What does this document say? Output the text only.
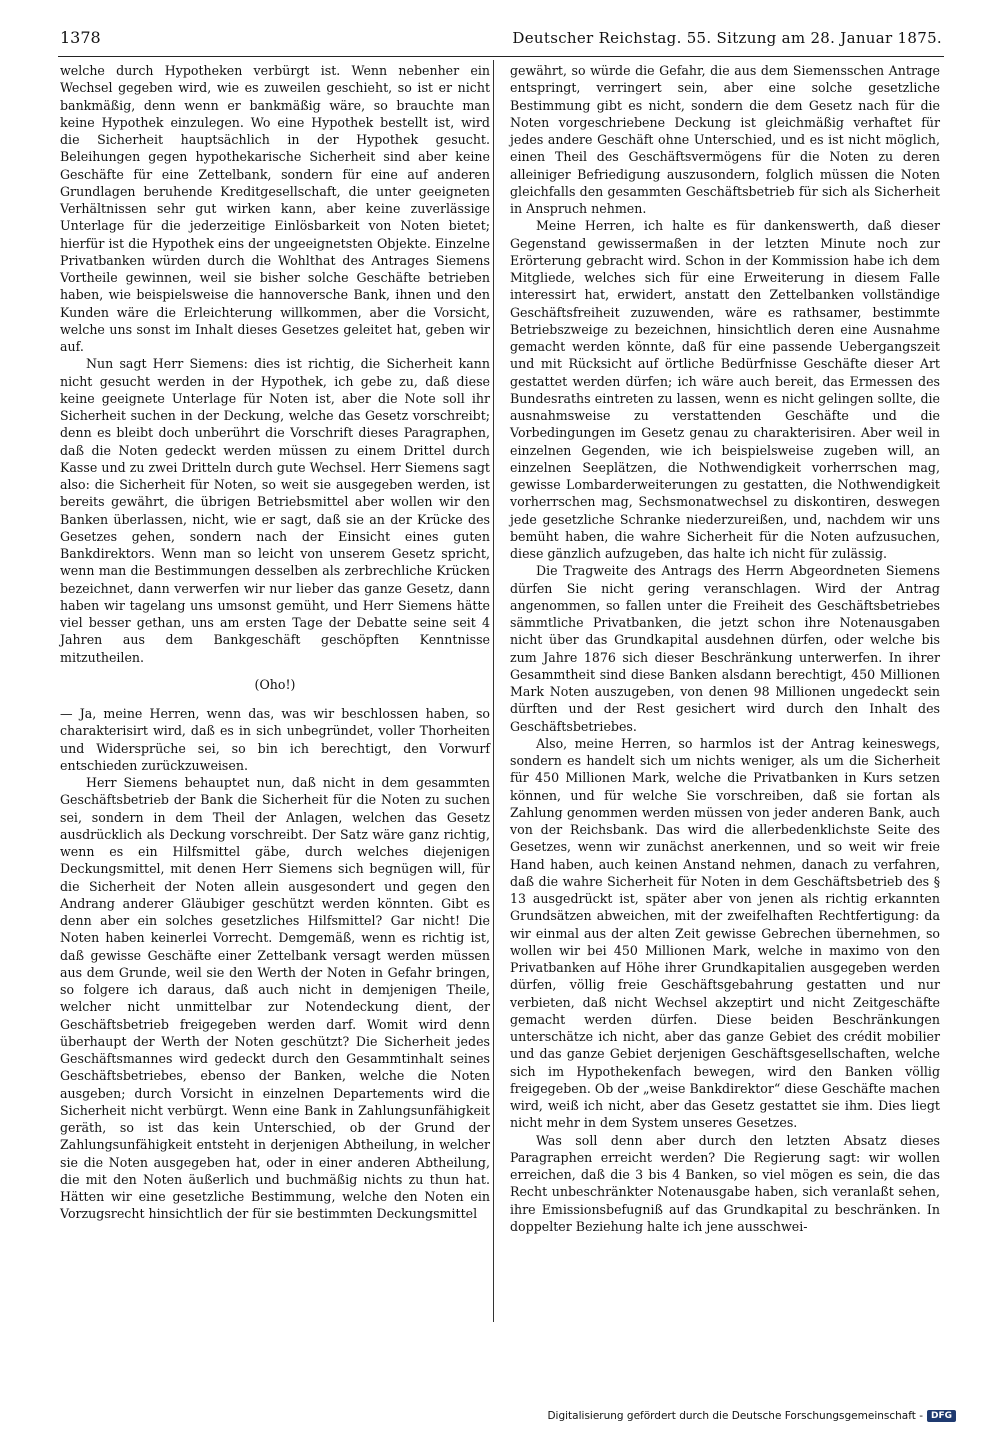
1378	Deutscher Reichstag. 55. Sitzung am 28. Januar 1875.

welche durch Hypotheken verbürgt ist. Wenn nebenher ein Wechsel gegeben wird, wie es zuweilen geschieht, so ist er nicht bankmäßig, denn wenn er bankmäßig wäre, so brauchte man keine Hypothek einzulegen. Wo eine Hypothek bestellt ist, wird die Sicherheit hauptsächlich in der Hypothek gesucht. Beleihungen gegen hypothekarische Sicherheit sind aber keine Geschäfte für eine Zettelbank, sondern für eine auf anderen Grundlagen beruhende Kreditgesellschaft, die unter geeigneten Verhältnissen sehr gut wirken kann, aber keine zuverlässige Unterlage für die jederzeitige Einlösbarkeit von Noten bietet; hierfür ist die Hypothek eins der ungeeignetsten Objekte. Einzelne Privatbanken würden durch die Wohlthat des Antrages Siemens Vortheile gewinnen, weil sie bisher solche Geschäfte betrieben haben, wie beispielsweise die hannoversche Bank, ihnen und den Kunden wäre die Erleichterung willkommen, aber die Vorsicht, welche uns sonst im Inhalt dieses Gesetzes geleitet hat, geben wir auf.

Nun sagt Herr Siemens: dies ist richtig, die Sicherheit kann nicht gesucht werden in der Hypothek, ich gebe zu, daß diese keine geeignete Unterlage für Noten ist, aber die Note soll ihr Sicherheit suchen in der Deckung, welche das Gesetz vorschreibt; denn es bleibt doch unberührt die Vorschrift dieses Paragraphen, daß die Noten gedeckt werden müssen zu einem Drittel durch Kasse und zu zwei Dritteln durch gute Wechsel. Herr Siemens sagt also: die Sicherheit für Noten, so weit sie ausgegeben werden, ist bereits gewährt, die übrigen Betriebsmittel aber wollen wir den Banken überlassen, nicht, wie er sagt, daß sie an der Krücke des Gesetzes gehen, sondern nach der Einsicht eines guten Bankdirektors. Wenn man so leicht von unserem Gesetz spricht, wenn man die Bestimmungen desselben als zerbrechliche Krücken bezeichnet, dann verwerfen wir nur lieber das ganze Gesetz, dann haben wir tagelang uns umsonst gemüht, und Herr Siemens hätte viel besser gethan, uns am ersten Tage der Debatte seine seit 4 Jahren aus dem Bankgeschäft geschöpften Kenntnisse mitzutheilen.

(Oho!)

— Ja, meine Herren, wenn das, was wir beschlossen haben, so charakterisirt wird, daß es in sich unbegründet, voller Thorheiten und Widersprüche sei, so bin ich berechtigt, den Vorwurf entschieden zurückzuweisen.

Herr Siemens behauptet nun, daß nicht in dem gesammten Geschäftsbetrieb der Bank die Sicherheit für die Noten zu suchen sei, sondern in dem Theil der Anlagen, welchen das Gesetz ausdrücklich als Deckung vorschreibt. Der Satz wäre ganz richtig, wenn es ein Hilfsmittel gäbe, durch welches diejenigen Deckungsmittel, mit denen Herr Siemens sich begnügen will, für die Sicherheit der Noten allein ausgesondert und gegen den Andrang anderer Gläubiger geschützt werden könnten. Gibt es denn aber ein solches gesetzliches Hilfsmittel? Gar nicht! Die Noten haben keinerlei Vorrecht. Demgemäß, wenn es richtig ist, daß gewisse Geschäfte einer Zettelbank versagt werden müssen aus dem Grunde, weil sie den Werth der Noten in Gefahr bringen, so folgere ich daraus, daß auch nicht in demjenigen Theile, welcher nicht unmittelbar zur Notendeckung dient, der Geschäftsbetrieb freigegeben werden darf. Womit wird denn überhaupt der Werth der Noten geschützt? Die Sicherheit jedes Geschäftsmannes wird gedeckt durch den Gesammtinhalt seines Geschäftsbetriebes, ebenso der Banken, welche die Noten ausgeben; durch Vorsicht in einzelnen Departements wird die Sicherheit nicht verbürgt. Wenn eine Bank in Zahlungsunfähigkeit geräth, so ist das kein Unterschied, ob der Grund der Zahlungsunfähigkeit entsteht in derjenigen Abtheilung, in welcher sie die Noten ausgegeben hat, oder in einer anderen Abtheilung, die mit den Noten äußerlich und buchmäßig nichts zu thun hat. Hätten wir eine gesetzliche Bestimmung, welche den Noten ein Vorzugsrecht hinsichtlich der für sie bestimmten Deckungsmittel

gewährt, so würde die Gefahr, die aus dem Siemensschen Antrage entspringt, verringert sein, aber eine solche gesetzliche Bestimmung gibt es nicht, sondern die dem Gesetz nach für die Noten vorgeschriebene Deckung ist gleichmäßig verhaftet für jedes andere Geschäft ohne Unterschied, und es ist nicht möglich, einen Theil des Geschäftsvermögens für die Noten zu deren alleiniger Befriedigung auszusondern, folglich müssen die Noten gleichfalls den gesammten Geschäftsbetrieb für sich als Sicherheit in Anspruch nehmen.

Meine Herren, ich halte es für dankenswerth, daß dieser Gegenstand gewissermaßen in der letzten Minute noch zur Erörterung gebracht wird. Schon in der Kommission habe ich dem Mitgliede, welches sich für eine Erweiterung in diesem Falle interessirt hat, erwidert, anstatt den Zettelbanken vollständige Geschäftsfreiheit zuzuwenden, wäre es rathsamer, bestimmte Betriebszweige zu bezeichnen, hinsichtlich deren eine Ausnahme gemacht werden könnte, daß für eine passende Uebergangszeit und mit Rücksicht auf örtliche Bedürfnisse Geschäfte dieser Art gestattet werden dürfen; ich wäre auch bereit, das Ermessen des Bundesraths eintreten zu lassen, wenn es nicht gelingen sollte, die ausnahmsweise zu verstattenden Geschäfte und die Vorbedingungen im Gesetz genau zu charakterisiren. Aber weil in einzelnen Gegenden, wie ich beispielsweise zugeben will, an einzelnen Seeplätzen, die Nothwendigkeit vorherrschen mag, gewisse Lombarderweiterungen zu gestatten, die Nothwendigkeit vorherrschen mag, Sechsmonatwechsel zu diskontiren, deswegen jede gesetzliche Schranke niederzureißen, und, nachdem wir uns bemüht haben, die wahre Sicherheit für die Noten aufzusuchen, diese gänzlich aufzugeben, das halte ich nicht für zulässig.

Die Tragweite des Antrags des Herrn Abgeordneten Siemens dürfen Sie nicht gering veranschlagen. Wird der Antrag angenommen, so fallen unter die Freiheit des Geschäftsbetriebes sämmtliche Privatbanken, die jetzt schon ihre Notenausgaben nicht über das Grundkapital ausdehnen dürfen, oder welche bis zum Jahre 1876 sich dieser Beschränkung unterwerfen. In ihrer Gesammtheit sind diese Banken alsdann berechtigt, 450 Millionen Mark Noten auszugeben, von denen 98 Millionen ungedeckt sein dürften und der Rest gesichert wird durch den Inhalt des Geschäftsbetriebes.

Also, meine Herren, so harmlos ist der Antrag keineswegs, sondern es handelt sich um nichts weniger, als um die Sicherheit für 450 Millionen Mark, welche die Privatbanken in Kurs setzen können, und für welche Sie vorschreiben, daß sie fortan als Zahlung genommen werden müssen von jeder anderen Bank, auch von der Reichsbank. Das wird die allerbedenklichste Seite des Gesetzes, wenn wir zunächst anerkennen, und so weit wir freie Hand haben, auch keinen Anstand nehmen, danach zu verfahren, daß die wahre Sicherheit für Noten in dem Geschäftsbetrieb des § 13 ausgedrückt ist, später aber von jenen als richtig erkannten Grundsätzen abweichen, mit der zweifelhaften Rechtfertigung: da wir einmal aus der alten Zeit gewisse Gebrechen übernehmen, so wollen wir bei 450 Millionen Mark, welche in maximo von den Privatbanken auf Höhe ihrer Grundkapitalien ausgegeben werden dürfen, völlig freie Geschäftsgebahrung gestatten und nur verbieten, daß nicht Wechsel akzeptirt und nicht Zeitgeschäfte gemacht werden dürfen. Diese beiden Beschränkungen unterschätze ich nicht, aber das ganze Gebiet des crédit mobilier und das ganze Gebiet derjenigen Geschäftsgesellschaften, welche sich im Hypothekenfach bewegen, wird den Banken völlig freigegeben. Ob der „weise Bankdirektor“ diese Geschäfte machen wird, weiß ich nicht, aber das Gesetz gestattet sie ihm. Dies liegt nicht mehr in dem System unseres Gesetzes.

Was soll denn aber durch den letzten Absatz dieses Paragraphen erreicht werden? Die Regierung sagt: wir wollen erreichen, daß die 3 bis 4 Banken, so viel mögen es sein, die das Recht unbeschränkter Notenausgabe haben, sich veranlaßt sehen, ihre Emissionsbefugniß auf das Grundkapital zu beschränken. In doppelter Beziehung halte ich jene ausschwei-

Digitalisierung gefördert durch die Deutsche Forschungsgemeinschaft - DFG
